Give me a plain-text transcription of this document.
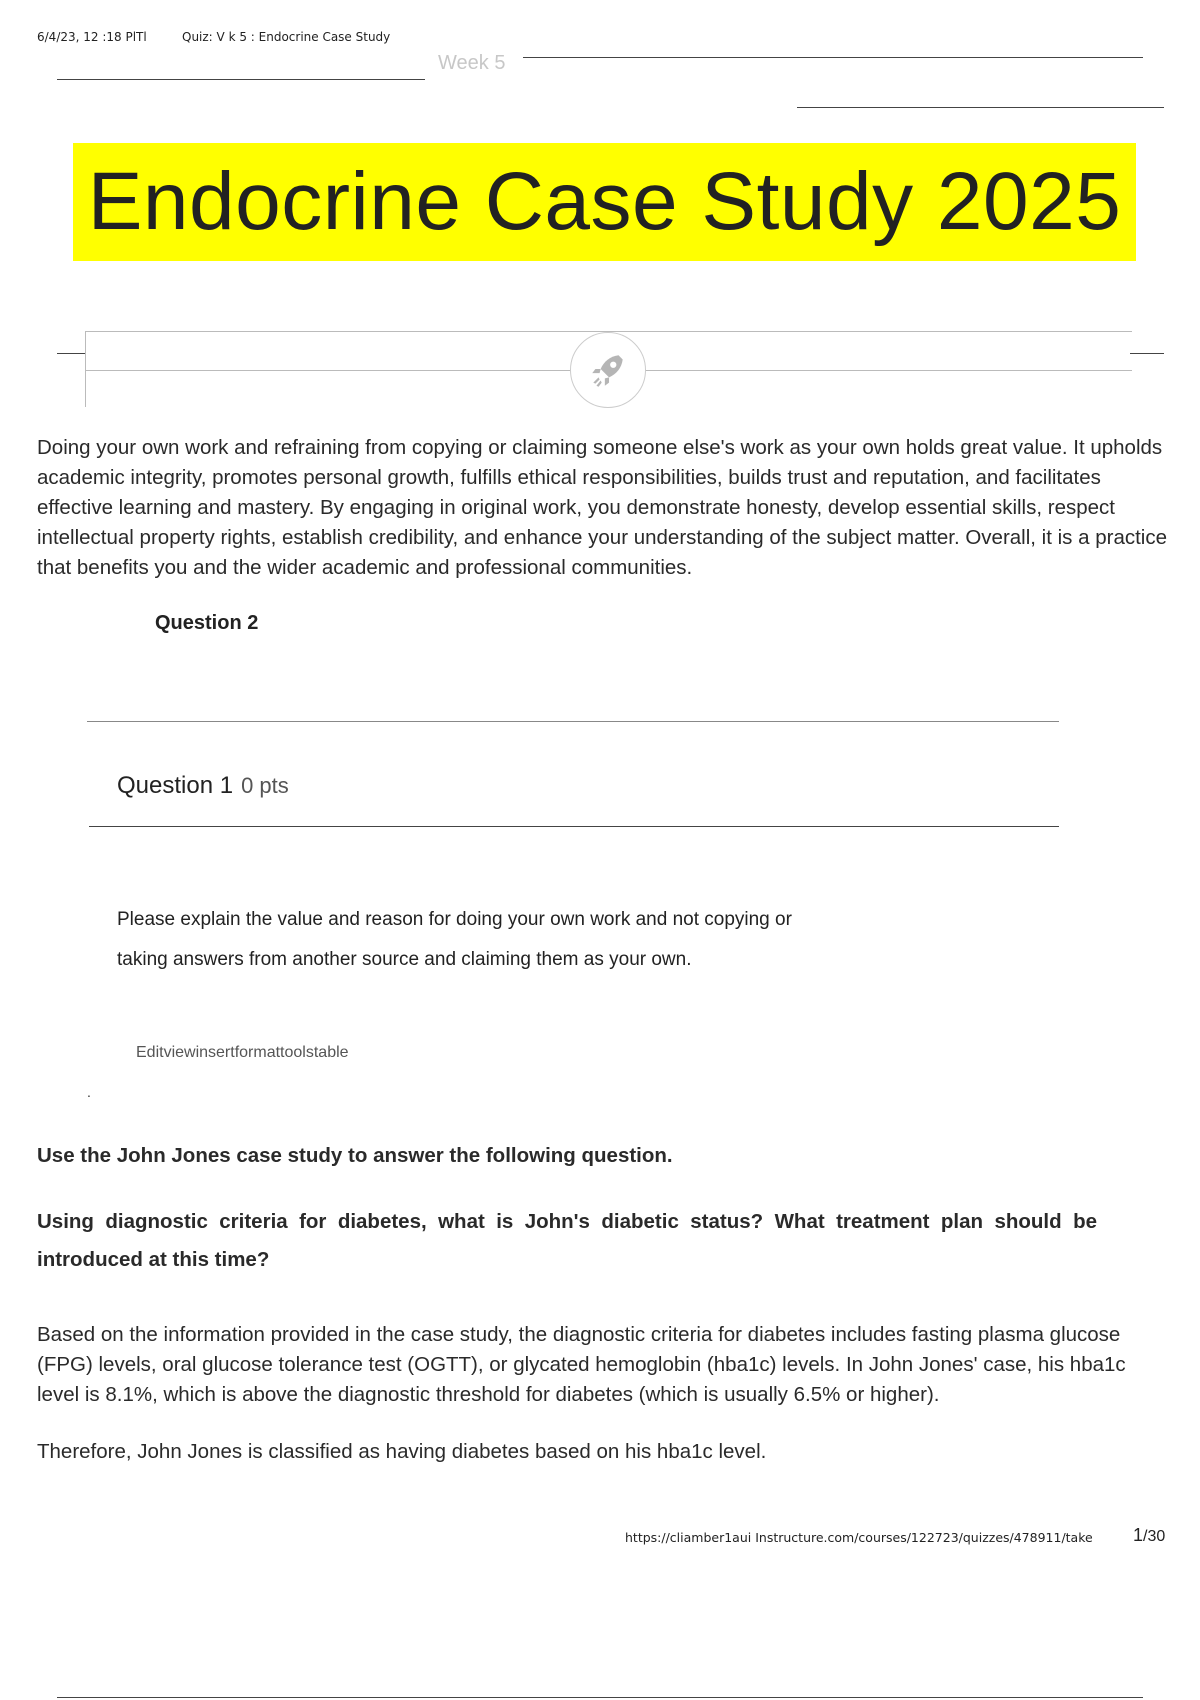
6/4/23, 12 :18 PlTl	Quiz: V k 5 : Endocrine Case Study
Week 5
Endocrine Case Study 2025
Doing your own work and refraining from copying or claiming someone else's work as your own holds great value. It upholds academic integrity, promotes personal growth, fulfills ethical responsibilities, builds trust and reputation, and facilitates effective learning and mastery. By engaging in original work, you demonstrate honesty, develop essential skills, respect intellectual property rights, establish credibility, and enhance your understanding of the subject matter. Overall, it is a practice that benefits you and the wider academic and professional communities.
Question 2
Question 1 0 pts
Please explain the value and reason for doing your own work and not copying or
taking answers from another source and claiming them as your own.
Editviewinsertformattoolstable
.
Use the John Jones case study to answer the following question.
Using diagnostic criteria for diabetes, what is John's diabetic status? What treatment plan should be introduced at this time?
Based on the information provided in the case study, the diagnostic criteria for diabetes includes fasting plasma glucose (FPG) levels, oral glucose tolerance test (OGTT), or glycated hemoglobin (hba1c) levels. In John Jones' case, his hba1c level is 8.1%, which is above the diagnostic threshold for diabetes (which is usually 6.5% or higher).
Therefore, John Jones is classified as having diabetes based on his hba1c level.
https://cliamber1aui Instructure.com/courses/122723/quizzes/478911/take 1/30
